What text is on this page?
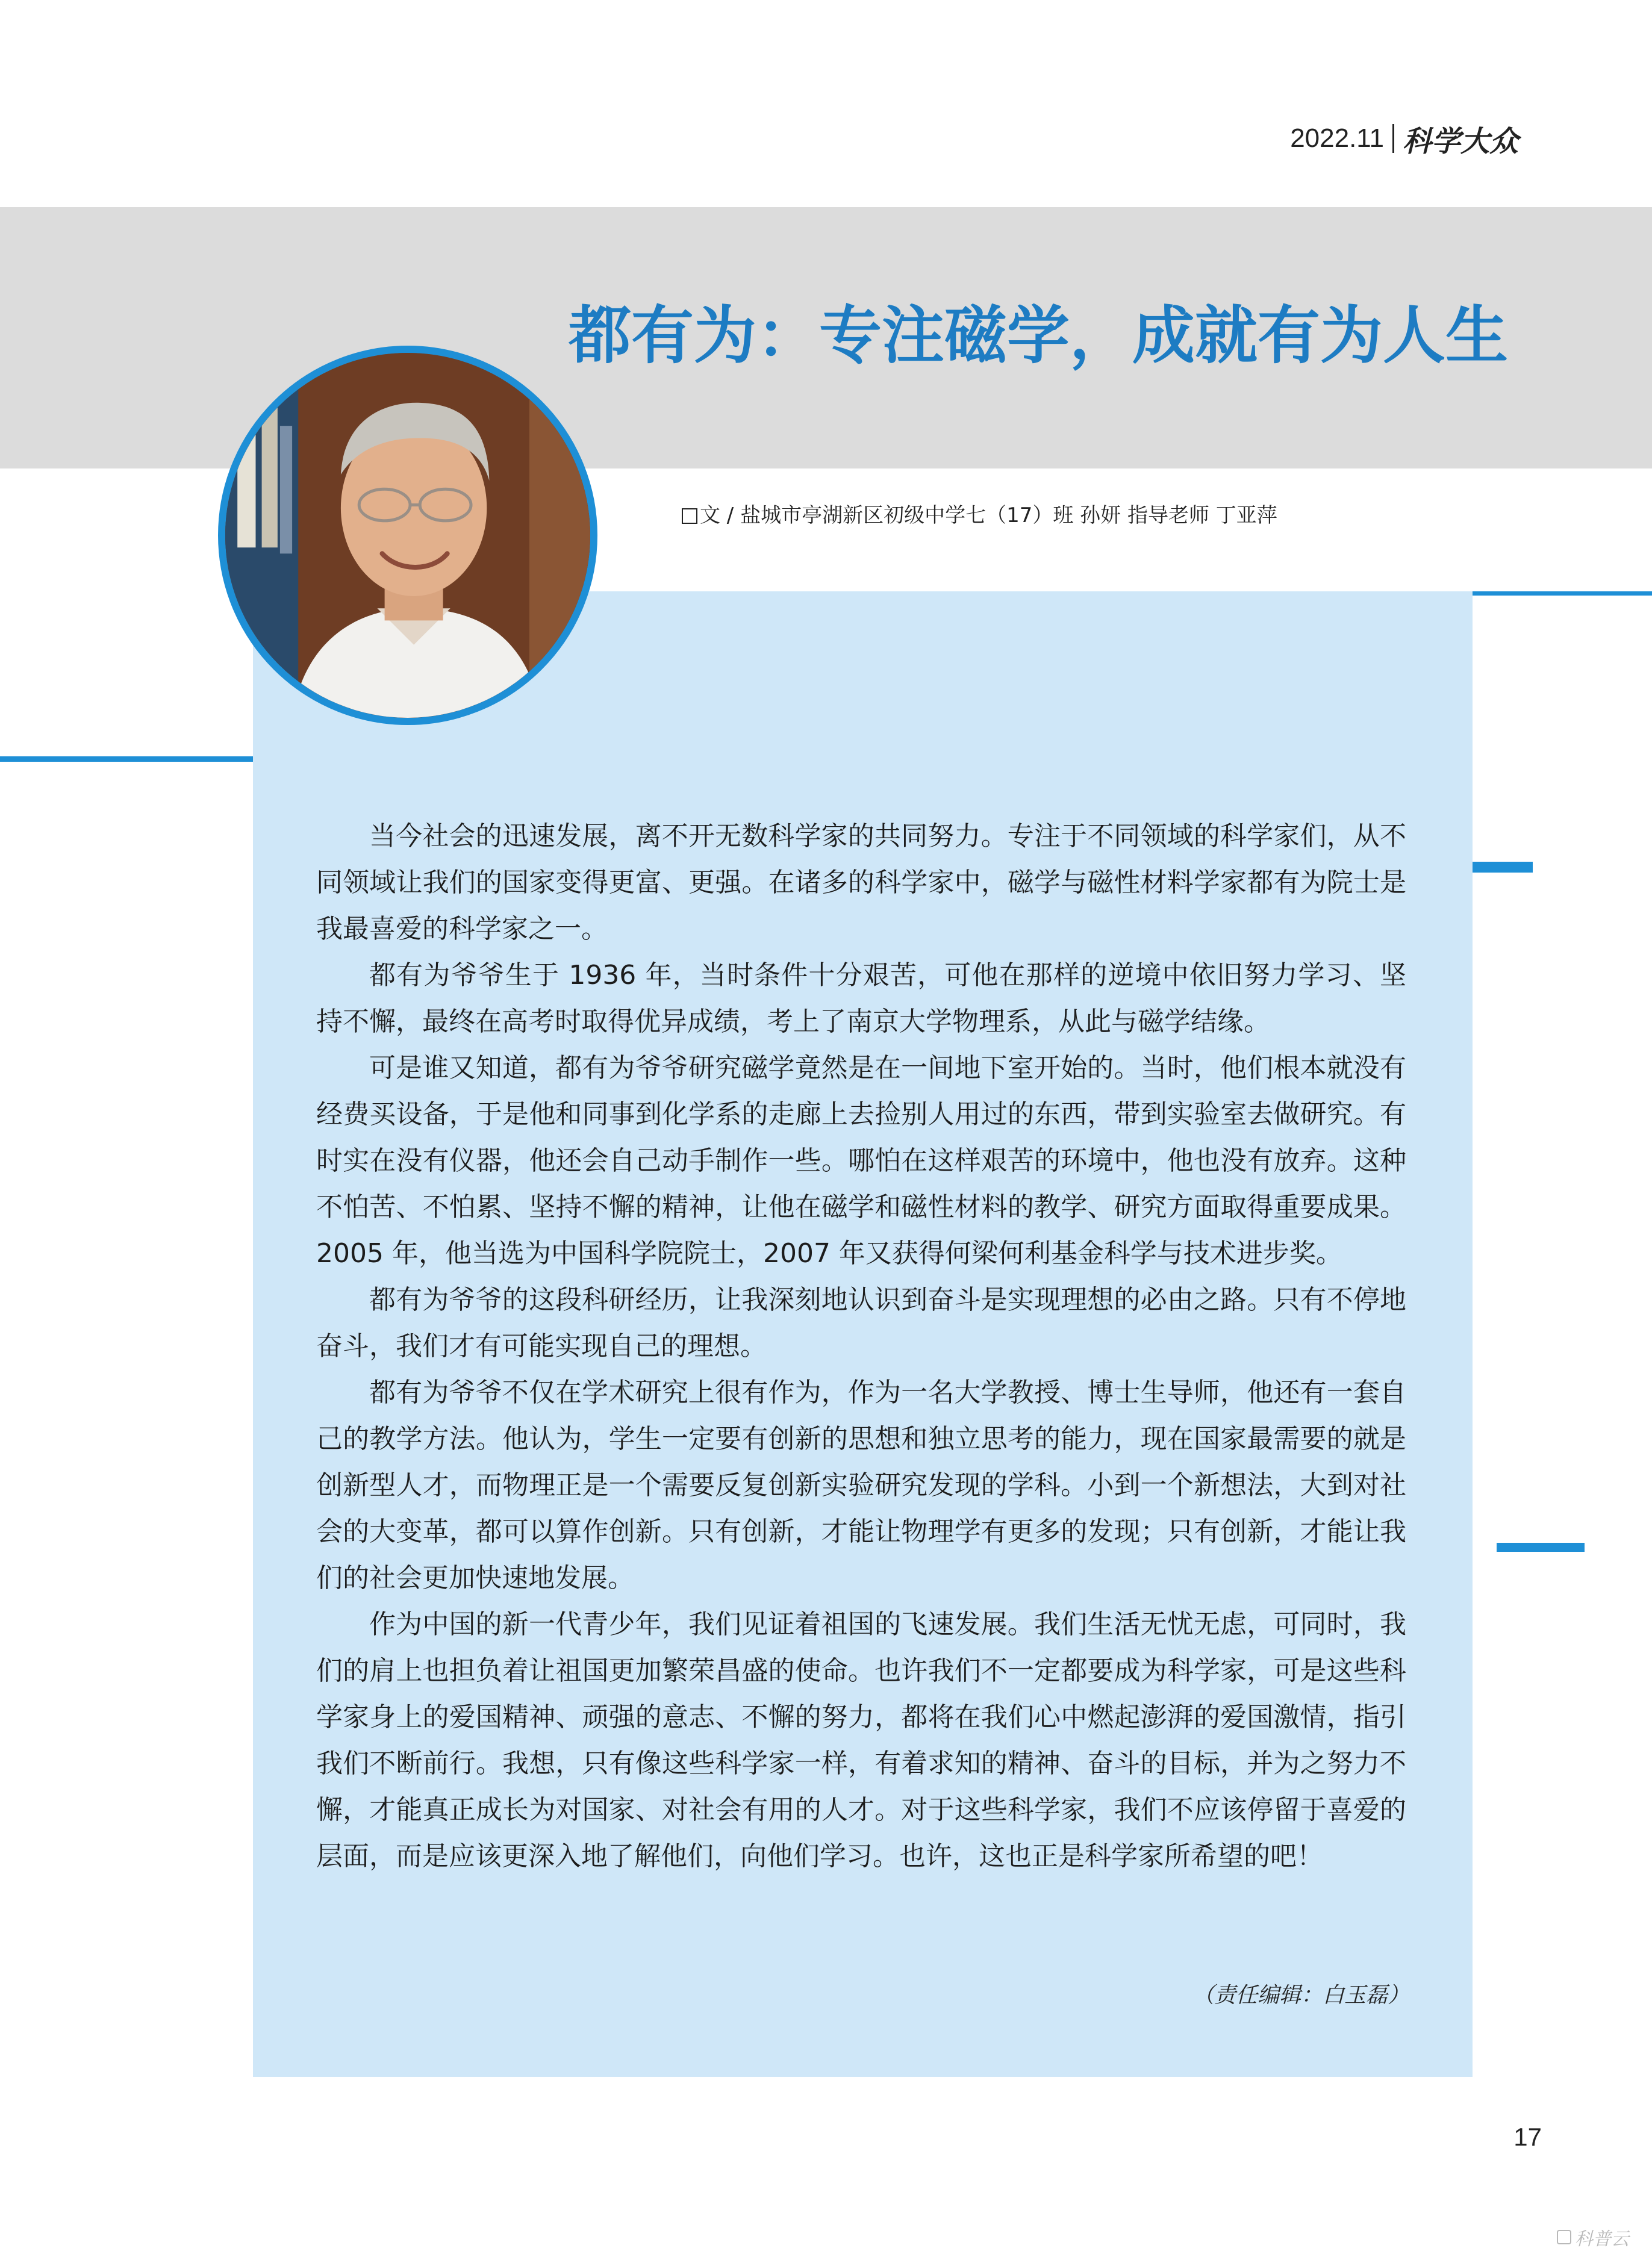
2022.11 科学大众
都有为：专注磁学，成就有为人生
文 / 盐城市亭湖新区初级中学七（17）班 孙妍 指导老师 丁亚萍

当今社会的迅速发展，离不开无数科学家的共同努力。专注于不同领域的科学家们，从不同领域让我们的国家变得更富、更强。在诸多的科学家中，磁学与磁性材料学家都有为院士是我最喜爱的科学家之一。

都有为爷爷生于 1936 年，当时条件十分艰苦，可他在那样的逆境中依旧努力学习、坚持不懈，最终在高考时取得优异成绩，考上了南京大学物理系，从此与磁学结缘。

可是谁又知道，都有为爷爷研究磁学竟然是在一间地下室开始的。当时，他们根本就没有经费买设备，于是他和同事到化学系的走廊上去捡别人用过的东西，带到实验室去做研究。有时实在没有仪器，他还会自己动手制作一些。哪怕在这样艰苦的环境中，他也没有放弃。这种不怕苦、不怕累、坚持不懈的精神，让他在磁学和磁性材料的教学、研究方面取得重要成果。2005 年，他当选为中国科学院院士，2007 年又获得何梁何利基金科学与技术进步奖。

都有为爷爷的这段科研经历，让我深刻地认识到奋斗是实现理想的必由之路。只有不停地奋斗，我们才有可能实现自己的理想。

都有为爷爷不仅在学术研究上很有作为，作为一名大学教授、博士生导师，他还有一套自己的教学方法。他认为，学生一定要有创新的思想和独立思考的能力，现在国家最需要的就是创新型人才，而物理正是一个需要反复创新实验研究发现的学科。小到一个新想法，大到对社会的大变革，都可以算作创新。只有创新，才能让物理学有更多的发现；只有创新，才能让我们的社会更加快速地发展。

作为中国的新一代青少年，我们见证着祖国的飞速发展。我们生活无忧无虑，可同时，我们的肩上也担负着让祖国更加繁荣昌盛的使命。也许我们不一定都要成为科学家，可是这些科学家身上的爱国精神、顽强的意志、不懈的努力，都将在我们心中燃起澎湃的爱国激情，指引我们不断前行。我想，只有像这些科学家一样，有着求知的精神、奋斗的目标，并为之努力不懈，才能真正成长为对国家、对社会有用的人才。对于这些科学家，我们不应该停留于喜爱的层面，而是应该更深入地了解他们，向他们学习。也许，这也正是科学家所希望的吧！

（责任编辑：白玉磊）
17
科普云
